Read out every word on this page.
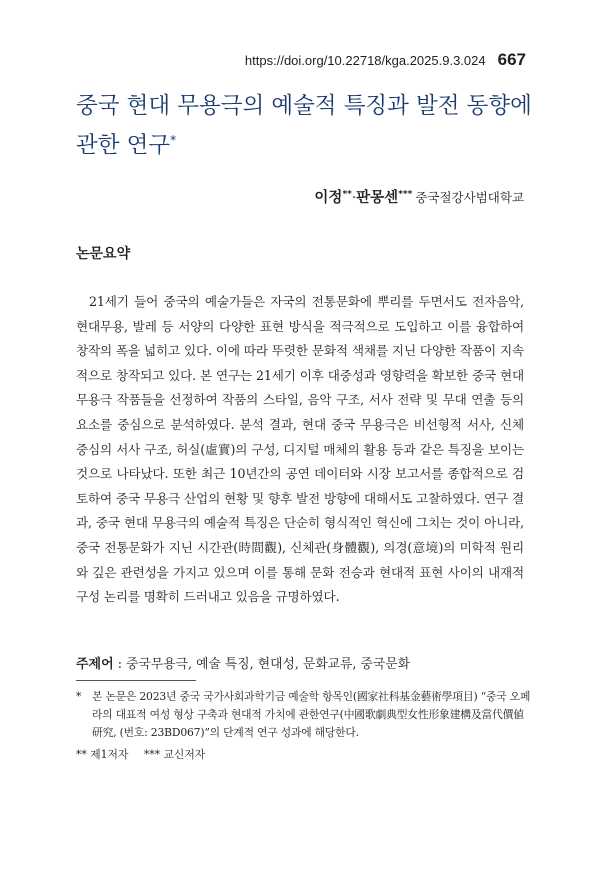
https://doi.org/10.22718/kga.2025.9.3.024 667
중국 현대 무용극의 예술적 특징과 발전 동향에 관한 연구*
이정**·판몽센*** 중국절강사범대학교
논문요약

21세기 들어 중국의 예술가들은 자국의 전통문화에 뿌리를 두면서도 전자음악, 현대무용, 발레 등 서양의 다양한 표현 방식을 적극적으로 도입하고 이를 융합하여 창작의 폭을 넓히고 있다. 이에 따라 뚜렷한 문화적 색채를 지닌 다양한 작품이 지속적으로 창작되고 있다. 본 연구는 21세기 이후 대중성과 영향력을 확보한 중국 현대 무용극 작품들을 선정하여 작품의 스타일, 음악 구조, 서사 전략 및 무대 연출 등의 요소를 중심으로 분석하였다. 분석 결과, 현대 중국 무용극은 비선형적 서사, 신체 중심의 서사 구조, 허실(虛實)의 구성, 디지털 매체의 활용 등과 같은 특징을 보이는 것으로 나타났다. 또한 최근 10년간의 공연 데이터와 시장 보고서를 종합적으로 검토하여 중국 무용극 산업의 현황 및 향후 발전 방향에 대해서도 고찰하였다. 연구 결과, 중국 현대 무용극의 예술적 특징은 단순히 형식적인 혁신에 그치는 것이 아니라, 중국 전통문화가 지닌 시간관(時間觀), 신체관(身體觀), 의경(意境)의 미학적 원리와 깊은 관련성을 가지고 있으며 이를 통해 문화 전승과 현대적 표현 사이의 내재적 구성 논리를 명확히 드러내고 있음을 규명하였다.

주제어 : 중국무용극, 예술 특징, 현대성, 문화교류, 중국문화
* 본 논문은 2023년 중국 국가사회과학기금 예술학 항목인(國家社科基金藝術學項目) “중국 오페라의 대표적 여성 형상 구축과 현대적 가치에 관한연구(中國歌劇典型女性形象建構及當代價値研究, (번호: 23BD067)”의 단계적 연구 성과에 해당한다.
** 제1저자 *** 교신저자
